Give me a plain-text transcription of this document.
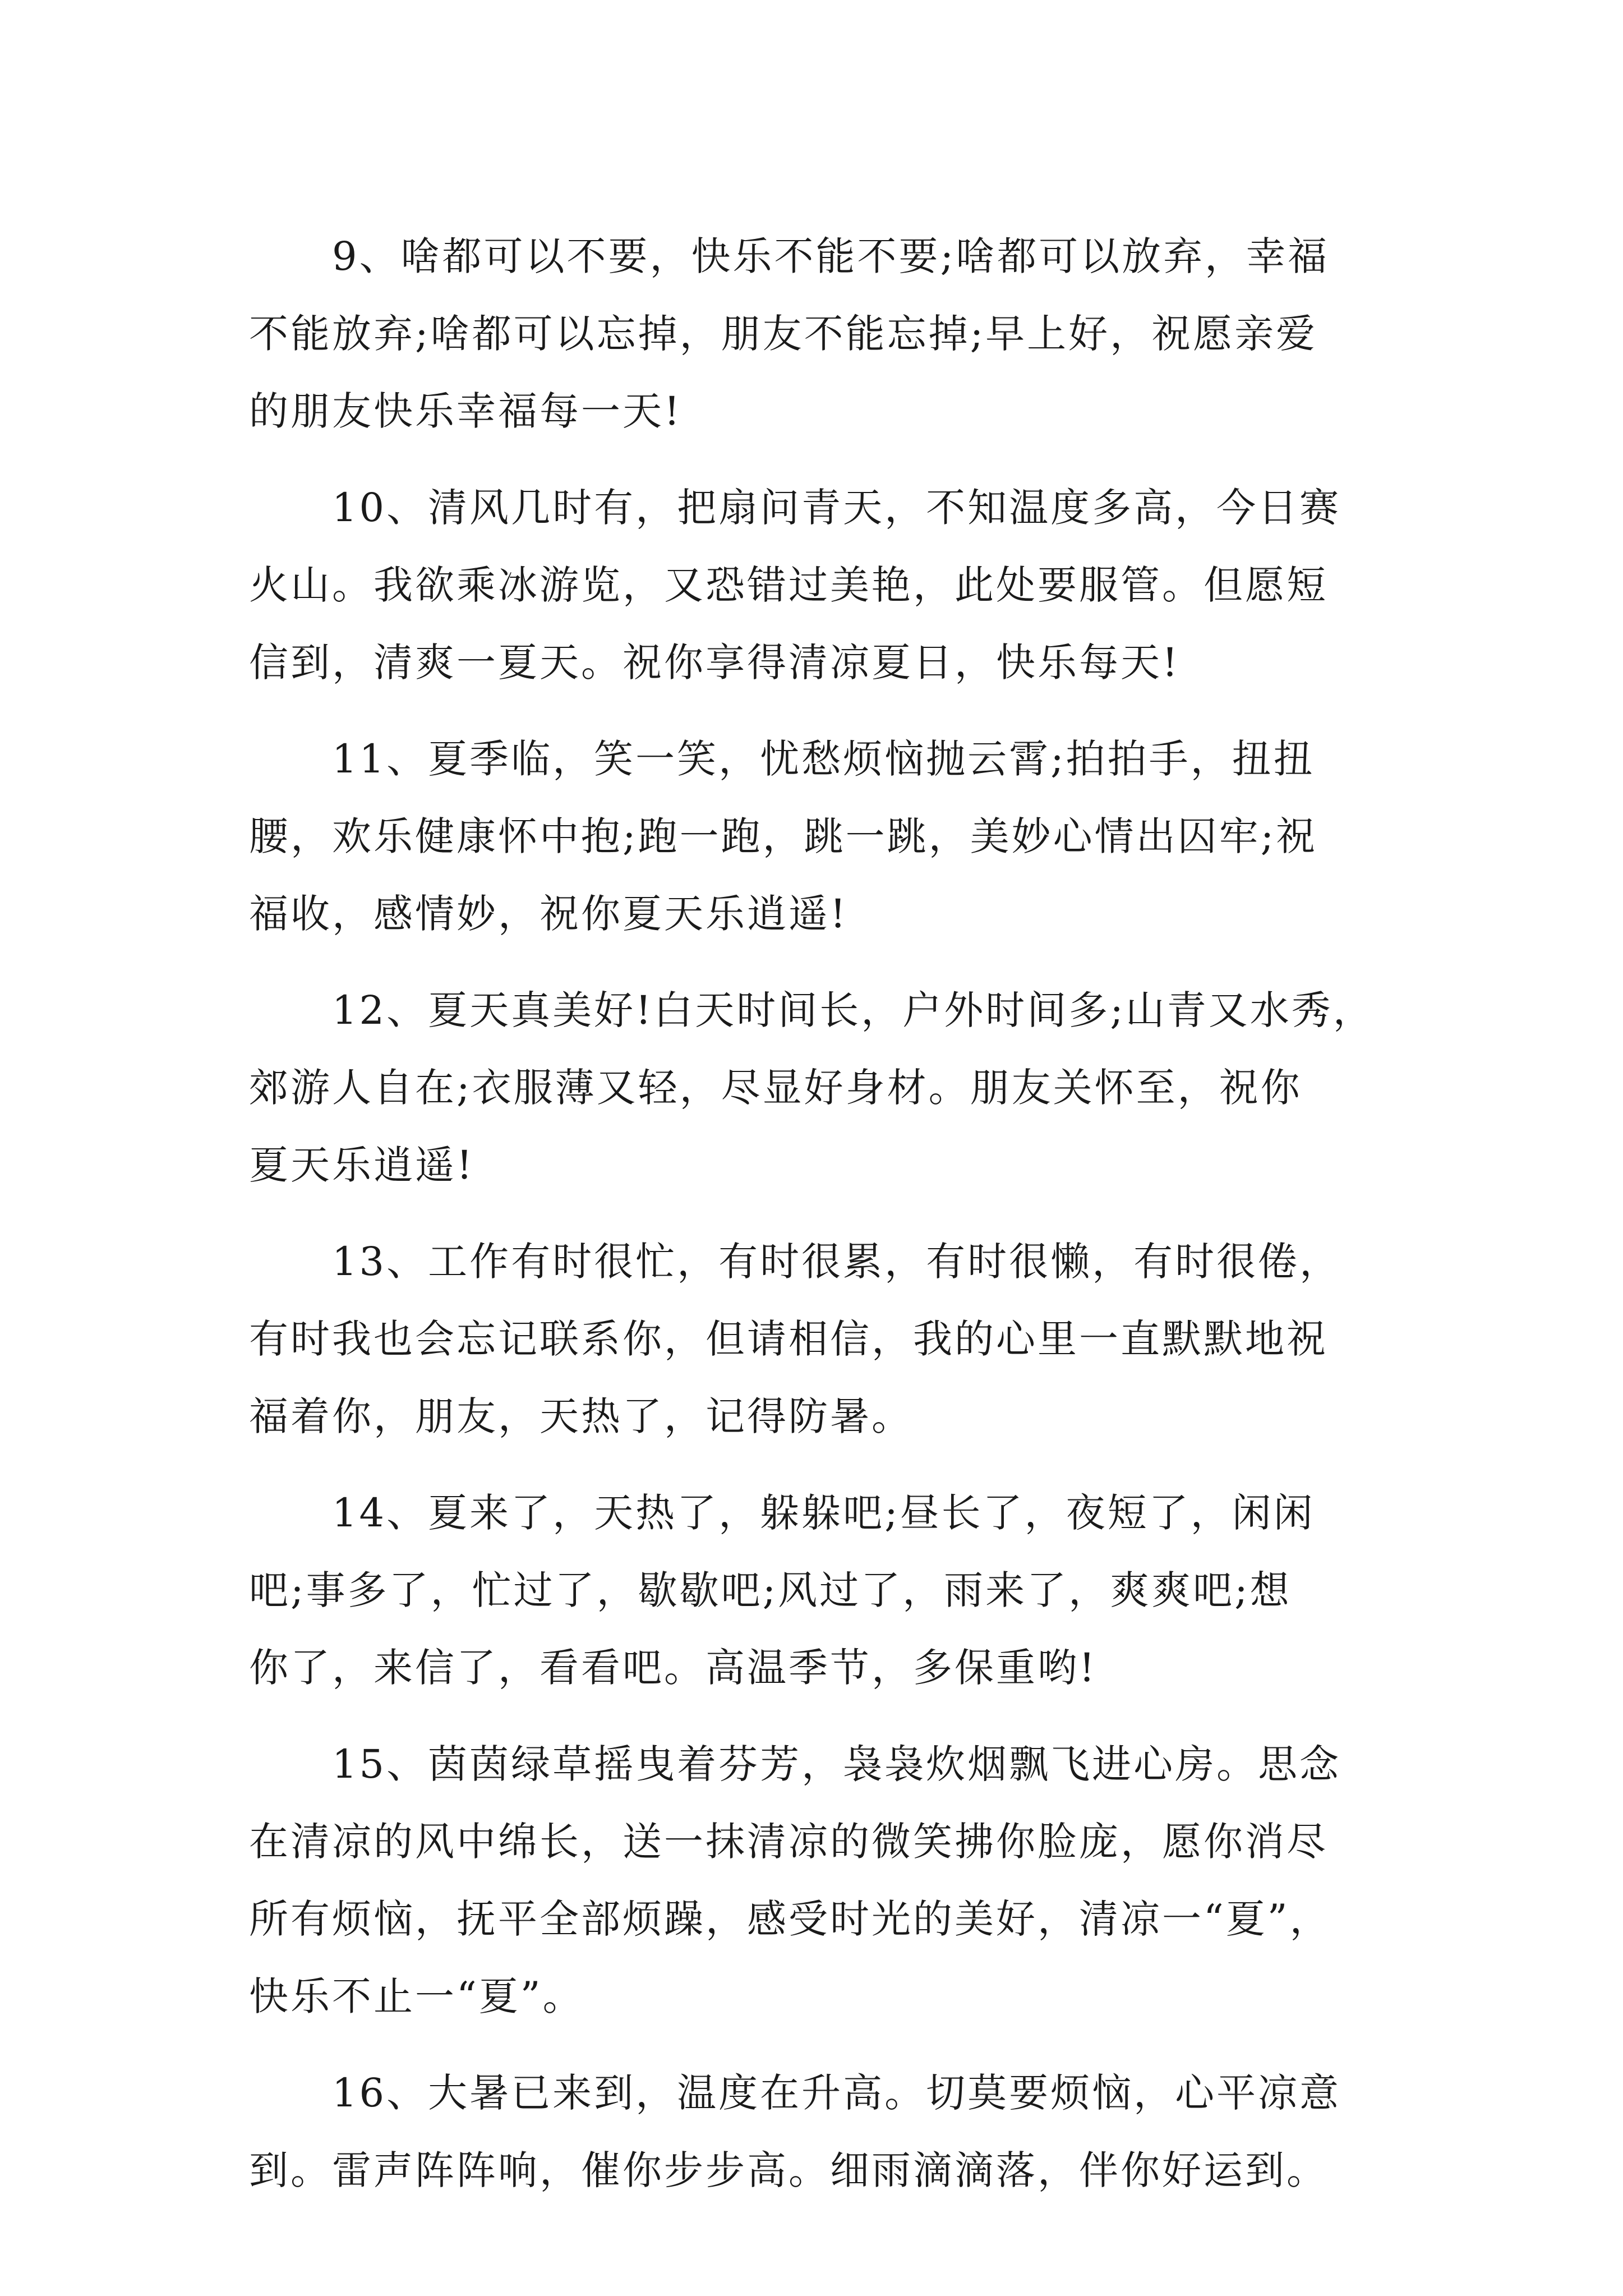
9、啥都可以不要，快乐不能不要;啥都可以放弃，幸福
不能放弃;啥都可以忘掉，朋友不能忘掉;早上好，祝愿亲爱
的朋友快乐幸福每一天!

10、清风几时有，把扇问青天，不知温度多高，今日赛
火山。我欲乘冰游览，又恐错过美艳，此处要服管。但愿短
信到，清爽一夏天。祝你享得清凉夏日，快乐每天!

11、夏季临，笑一笑，忧愁烦恼抛云霄;拍拍手，扭扭
腰，欢乐健康怀中抱;跑一跑，跳一跳，美妙心情出囚牢;祝
福收，感情妙，祝你夏天乐逍遥!

12、夏天真美好!白天时间长，户外时间多;山青又水秀，
郊游人自在;衣服薄又轻，尽显好身材。朋友关怀至，祝你
夏天乐逍遥!

13、工作有时很忙，有时很累，有时很懒，有时很倦，
有时我也会忘记联系你，但请相信，我的心里一直默默地祝
福着你，朋友，天热了，记得防暑。

14、夏来了，天热了，躲躲吧;昼长了，夜短了，闲闲
吧;事多了，忙过了，歇歇吧;风过了，雨来了，爽爽吧;想
你了，来信了，看看吧。高温季节，多保重哟!

15、茵茵绿草摇曳着芬芳，袅袅炊烟飘飞进心房。思念
在清凉的风中绵长，送一抹清凉的微笑拂你脸庞，愿你消尽
所有烦恼，抚平全部烦躁，感受时光的美好，清凉一“夏”，
快乐不止一“夏”。

16、大暑已来到，温度在升高。切莫要烦恼，心平凉意
到。雷声阵阵响，催你步步高。细雨滴滴落，伴你好运到。
